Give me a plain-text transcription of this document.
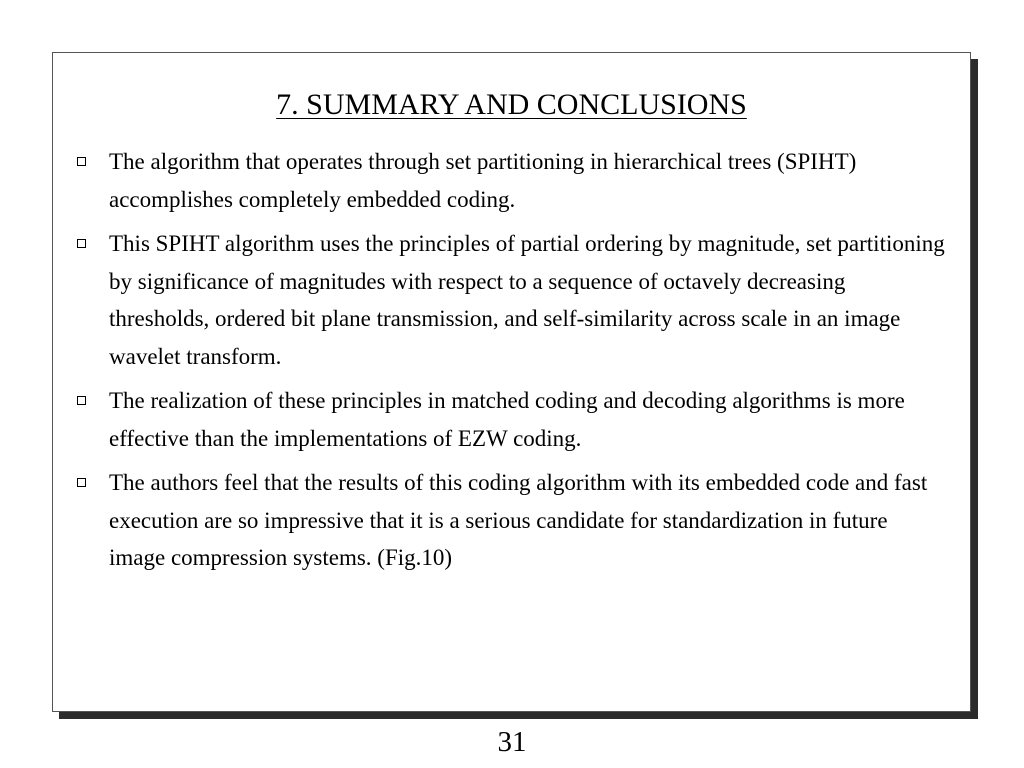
7. SUMMARY AND CONCLUSIONS
The algorithm that operates through set partitioning in hierarchical trees (SPIHT) accomplishes completely embedded coding.
This SPIHT algorithm uses the principles of partial ordering by magnitude, set partitioning by significance of magnitudes with respect to a sequence of octavely decreasing thresholds, ordered bit plane transmission, and self-similarity across scale in an image wavelet transform.
The realization of these principles in matched coding and decoding algorithms is more effective than the implementations of EZW coding.
The authors feel that the results of this coding algorithm with its embedded code and fast execution are so impressive that it is a serious candidate for standardization in future image compression systems. (Fig.10)
31
